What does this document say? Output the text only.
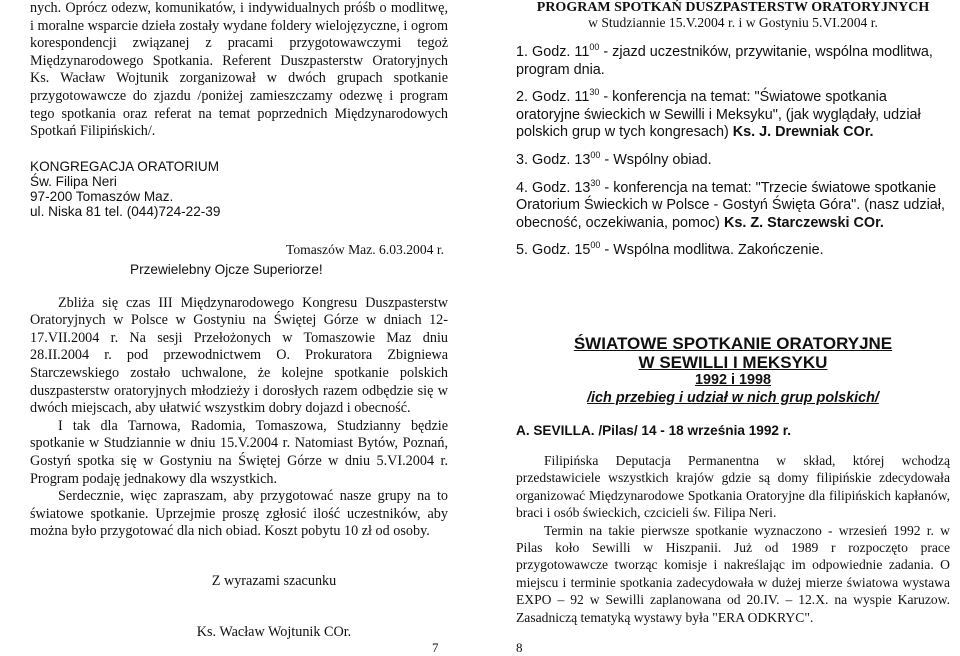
nych. Oprócz odezw, komunikatów, i indywidualnych próśb o modlitwę, i moralne wsparcie dzieła zostały wydane foldery wielojęzyczne, i ogrom korespondencji związanej z pracami przygotowawczymi tegoż Międzynarodowego Spotkania. Referent Duszpasterstw Oratoryjnych Ks. Wacław Wojtunik zorganizował w dwóch grupach spotkanie przygotowawcze do zjazdu /poniżej zamieszczamy odezwę i program tego spotkania oraz referat na temat poprzednich Międzynarodowych Spotkań Filipińskich/.

KONGREGACJA ORATORIUM
Św. Filipa Neri
97-200 Tomaszów Maz.
ul. Niska 81 tel. (044)724-22-39
Tomaszów Maz. 6.03.2004 r.
Przewielebny Ojcze Superiorze!

Zbliża się czas III Międzynarodowego Kongresu Duszpasterstw Oratoryjnych w Polsce w Gostyniu na Świętej Górze w dniach 12-17.VII.2004 r. Na sesji Przełożonych w Tomaszowie Maz dniu 28.II.2004 r. pod przewodnictwem O. Prokuratora Zbigniewa Starczewskiego zostało uchwalone, że kolejne spotkanie polskich duszpasterstw oratoryjnych młodzieży i dorosłych razem odbędzie się w dwóch miejscach, aby ułatwić wszystkim dobry dojazd i obecność.

I tak dla Tarnowa, Radomia, Tomaszowa, Studzianny będzie spotkanie w Studziannie w dniu 15.V.2004 r. Natomiast Bytów, Poznań, Gostyń spotka się w Gostyniu na Świętej Górze w dniu 5.VI.2004 r. Program podaję jednakowy dla wszystkich.

Serdecznie, więc zapraszam, aby przygotować nasze grupy na to światowe spotkanie. Uprzejmie proszę zgłosić ilość uczestników, aby można było przygotować dla nich obiad. Koszt pobytu 10 zł od osoby.

Z wyrazami szacunku
Ks. Wacław Wojtunik COr.
7
PROGRAM SPOTKAŃ DUSZPASTERSTW ORATORYJNYCH
w Studziannie 15.V.2004 r. i w Gostyniu 5.VI.2004 r.
1. Godz. $11^{00}$ - zjazd uczestników, przywitanie, wspólna modlitwa, program dnia.
2. Godz. $11^{30}$ - konferencja na temat: "Światowe spotkania oratoryjne świeckich w Sewilli i Meksyku", (jak wyglądały, udział polskich grup w tych kongresach) Ks. J. Drewniak COr.
3. Godz. $13^{00}$ - Wspólny obiad.
4. Godz. $13^{30}$ - konferencja na temat: "Trzecie światowe spotkanie Oratorium Świeckich w Polsce - Gostyń Święta Góra". (nasz udział, obecność, oczekiwania, pomoc) Ks. Z. Starczewski COr.
5. Godz. $15^{00}$ - Wspólna modlitwa. Zakończenie.
ŚWIATOWE SPOTKANIE ORATORYJNE
W SEWILLI I MEKSYKU
1992 i 1998
/ich przebieg i udział w nich grup polskich/
A. SEVILLA. /Pilas/ 14 - 18 września 1992 r.

Filipińska Deputacja Permanentna w skład, której wchodzą przedstawiciele wszystkich krajów gdzie są domy filipińskie zdecydowała organizować Międzynarodowe Spotkania Oratoryjne dla filipińskich kapłanów, braci i osób świeckich, czcicieli św. Filipa Neri.

Termin na takie pierwsze spotkanie wyznaczono - wrzesień 1992 r. w Pilas koło Sewilli w Hiszpanii. Już od 1989 r rozpoczęto prace przygotowawcze tworząc komisje i nakreślając im odpowiednie zadania. O miejscu i terminie spotkania zadecydowała w dużej mierze światowa wystawa EXPO – 92 w Sewilli zaplanowana od 20.IV. – 12.X. na wyspie Karuzow. Zasadniczą tematyką wystawy była "ERA ODKRYC".

8
